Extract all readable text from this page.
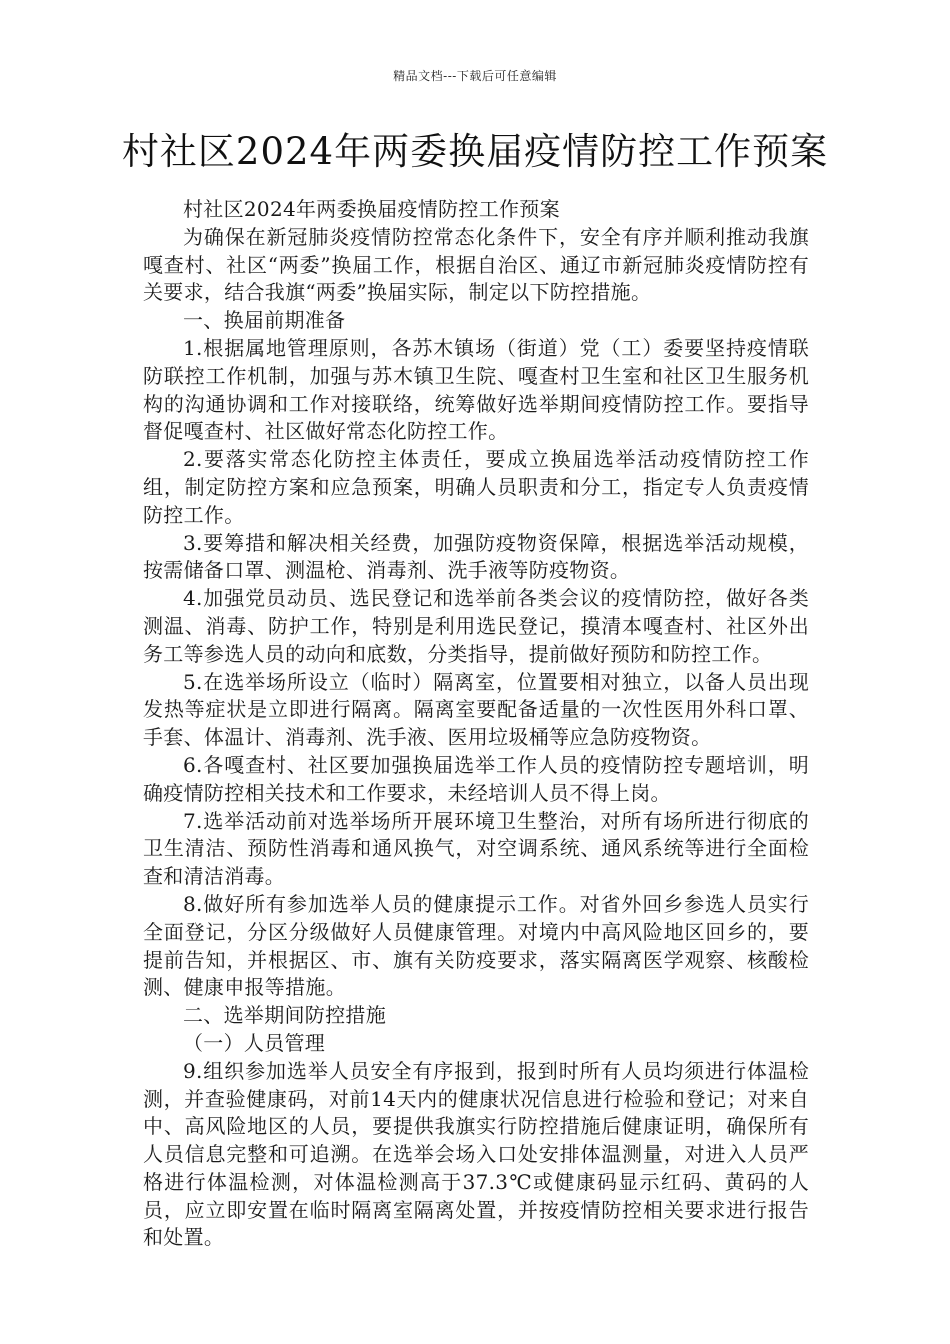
精品文档---下载后可任意编辑
村社区2024年两委换届疫情防控工作预案

村社区2024年两委换届疫情防控工作预案

为确保在新冠肺炎疫情防控常态化条件下，安全有序并顺利推动我旗嘎查村、社区“两委”换届工作，根据自治区、通辽市新冠肺炎疫情防控有关要求，结合我旗“两委”换届实际，制定以下防控措施。

一、换届前期准备

1.根据属地管理原则，各苏木镇场（街道）党（工）委要坚持疫情联防联控工作机制，加强与苏木镇卫生院、嘎查村卫生室和社区卫生服务机构的沟通协调和工作对接联络，统筹做好选举期间疫情防控工作。要指导督促嘎查村、社区做好常态化防控工作。

2.要落实常态化防控主体责任，要成立换届选举活动疫情防控工作组，制定防控方案和应急预案，明确人员职责和分工，指定专人负责疫情防控工作。

3.要筹措和解决相关经费，加强防疫物资保障，根据选举活动规模，按需储备口罩、测温枪、消毒剂、洗手液等防疫物资。

4.加强党员动员、选民登记和选举前各类会议的疫情防控，做好各类测温、消毒、防护工作，特别是利用选民登记，摸清本嘎查村、社区外出务工等参选人员的动向和底数，分类指导，提前做好预防和防控工作。

5.在选举场所设立（临时）隔离室，位置要相对独立，以备人员出现发热等症状是立即进行隔离。隔离室要配备适量的一次性医用外科口罩、手套、体温计、消毒剂、洗手液、医用垃圾桶等应急防疫物资。

6.各嘎查村、社区要加强换届选举工作人员的疫情防控专题培训，明确疫情防控相关技术和工作要求，未经培训人员不得上岗。

7.选举活动前对选举场所开展环境卫生整治，对所有场所进行彻底的卫生清洁、预防性消毒和通风换气，对空调系统、通风系统等进行全面检查和清洁消毒。

8.做好所有参加选举人员的健康提示工作。对省外回乡参选人员实行全面登记，分区分级做好人员健康管理。对境内中高风险地区回乡的，要提前告知，并根据区、市、旗有关防疫要求，落实隔离医学观察、核酸检测、健康申报等措施。

二、选举期间防控措施

（一）人员管理

9.组织参加选举人员安全有序报到，报到时所有人员均须进行体温检测，并查验健康码，对前14天内的健康状况信息进行检验和登记；对来自中、高风险地区的人员，要提供我旗实行防控措施后健康证明，确保所有人员信息完整和可追溯。在选举会场入口处安排体温测量，对进入人员严格进行体温检测，对体温检测高于37.3℃或健康码显示红码、黄码的人员，应立即安置在临时隔离室隔离处置，并按疫情防控相关要求进行报告和处置。
